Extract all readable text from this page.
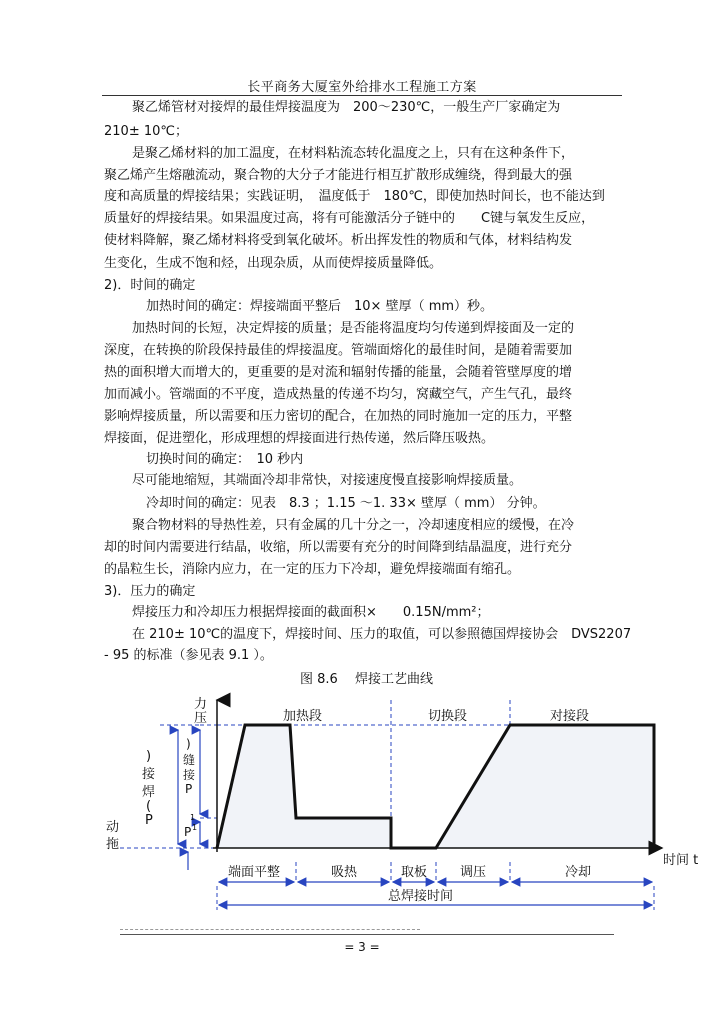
长平商务大厦室外给排水工程施工方案
聚乙烯管材对接焊的最佳焊接温度为　200～230℃，一般生产厂家确定为
210± 10℃；
是聚乙烯材料的加工温度，在材料粘流态转化温度之上，只有在这种条件下，
聚乙烯产生熔融流动，聚合物的大分子才能进行相互扩散形成缠绕，得到最大的强
度和高质量的焊接结果；实践证明，　温度低于　180℃，即使加热时间长，也不能达到
质量好的焊接结果。如果温度过高，将有可能激活分子链中的　　C键与氧发生反应，
使材料降解，聚乙烯材料将受到氧化破坏。析出挥发性的物质和气体，材料结构发
生变化，生成不饱和烃，出现杂质，从而使焊接质量降低。
2)．时间的确定
加热时间的确定：焊接端面平整后　10× 壁厚（ mm）秒。
加热时间的长短，决定焊接的质量；是否能将温度均匀传递到焊接面及一定的
深度，在转换的阶段保持最佳的焊接温度。管端面熔化的最佳时间，是随着需要加
热的面积增大而增大的，更重要的是对流和辐射传播的能量，会随着管壁厚度的增
加而减小。管端面的不平度，造成热量的传递不均匀，窝藏空气，产生气孔，最终
影响焊接质量，所以需要和压力密切的配合，在加热的同时施加一定的压力，平整
焊接面，促进塑化，形成理想的焊接面进行热传递，然后降压吸热。
切换时间的确定：　10 秒内
尽可能地缩短，其端面冷却非常快，对接速度慢直接影响焊接质量。
冷却时间的确定：见表　8.3 ；1.15 ～1. 33× 壁厚（ mm） 分钟。
聚合物材料的导热性差，只有金属的几十分之一，冷却速度相应的缓慢，在冷
却的时间内需要进行结晶，收缩，所以需要有充分的时间降到结晶温度，进行充分
的晶粒生长，消除内应力，在一定的压力下冷却，避免焊接端面有缩孔。
3)．压力的确定
焊接压力和冷却压力根据焊接面的截面积×　　0.15N/mm²；
在 210± 10℃的温度下，焊接时间、压力的取值，可以参照德国焊接协会　DVS2207
- 95 的标准（参见表 9.1 ）。
图 8.6　 焊接工艺曲线
力
压	加热段	切换段	对接段
)
接
焊
(
P
)
缝
接
P
P 1
1
动
拖
时间 t
端面平整	吸热	取板	调压	冷却
总焊接时间
= 3 =
